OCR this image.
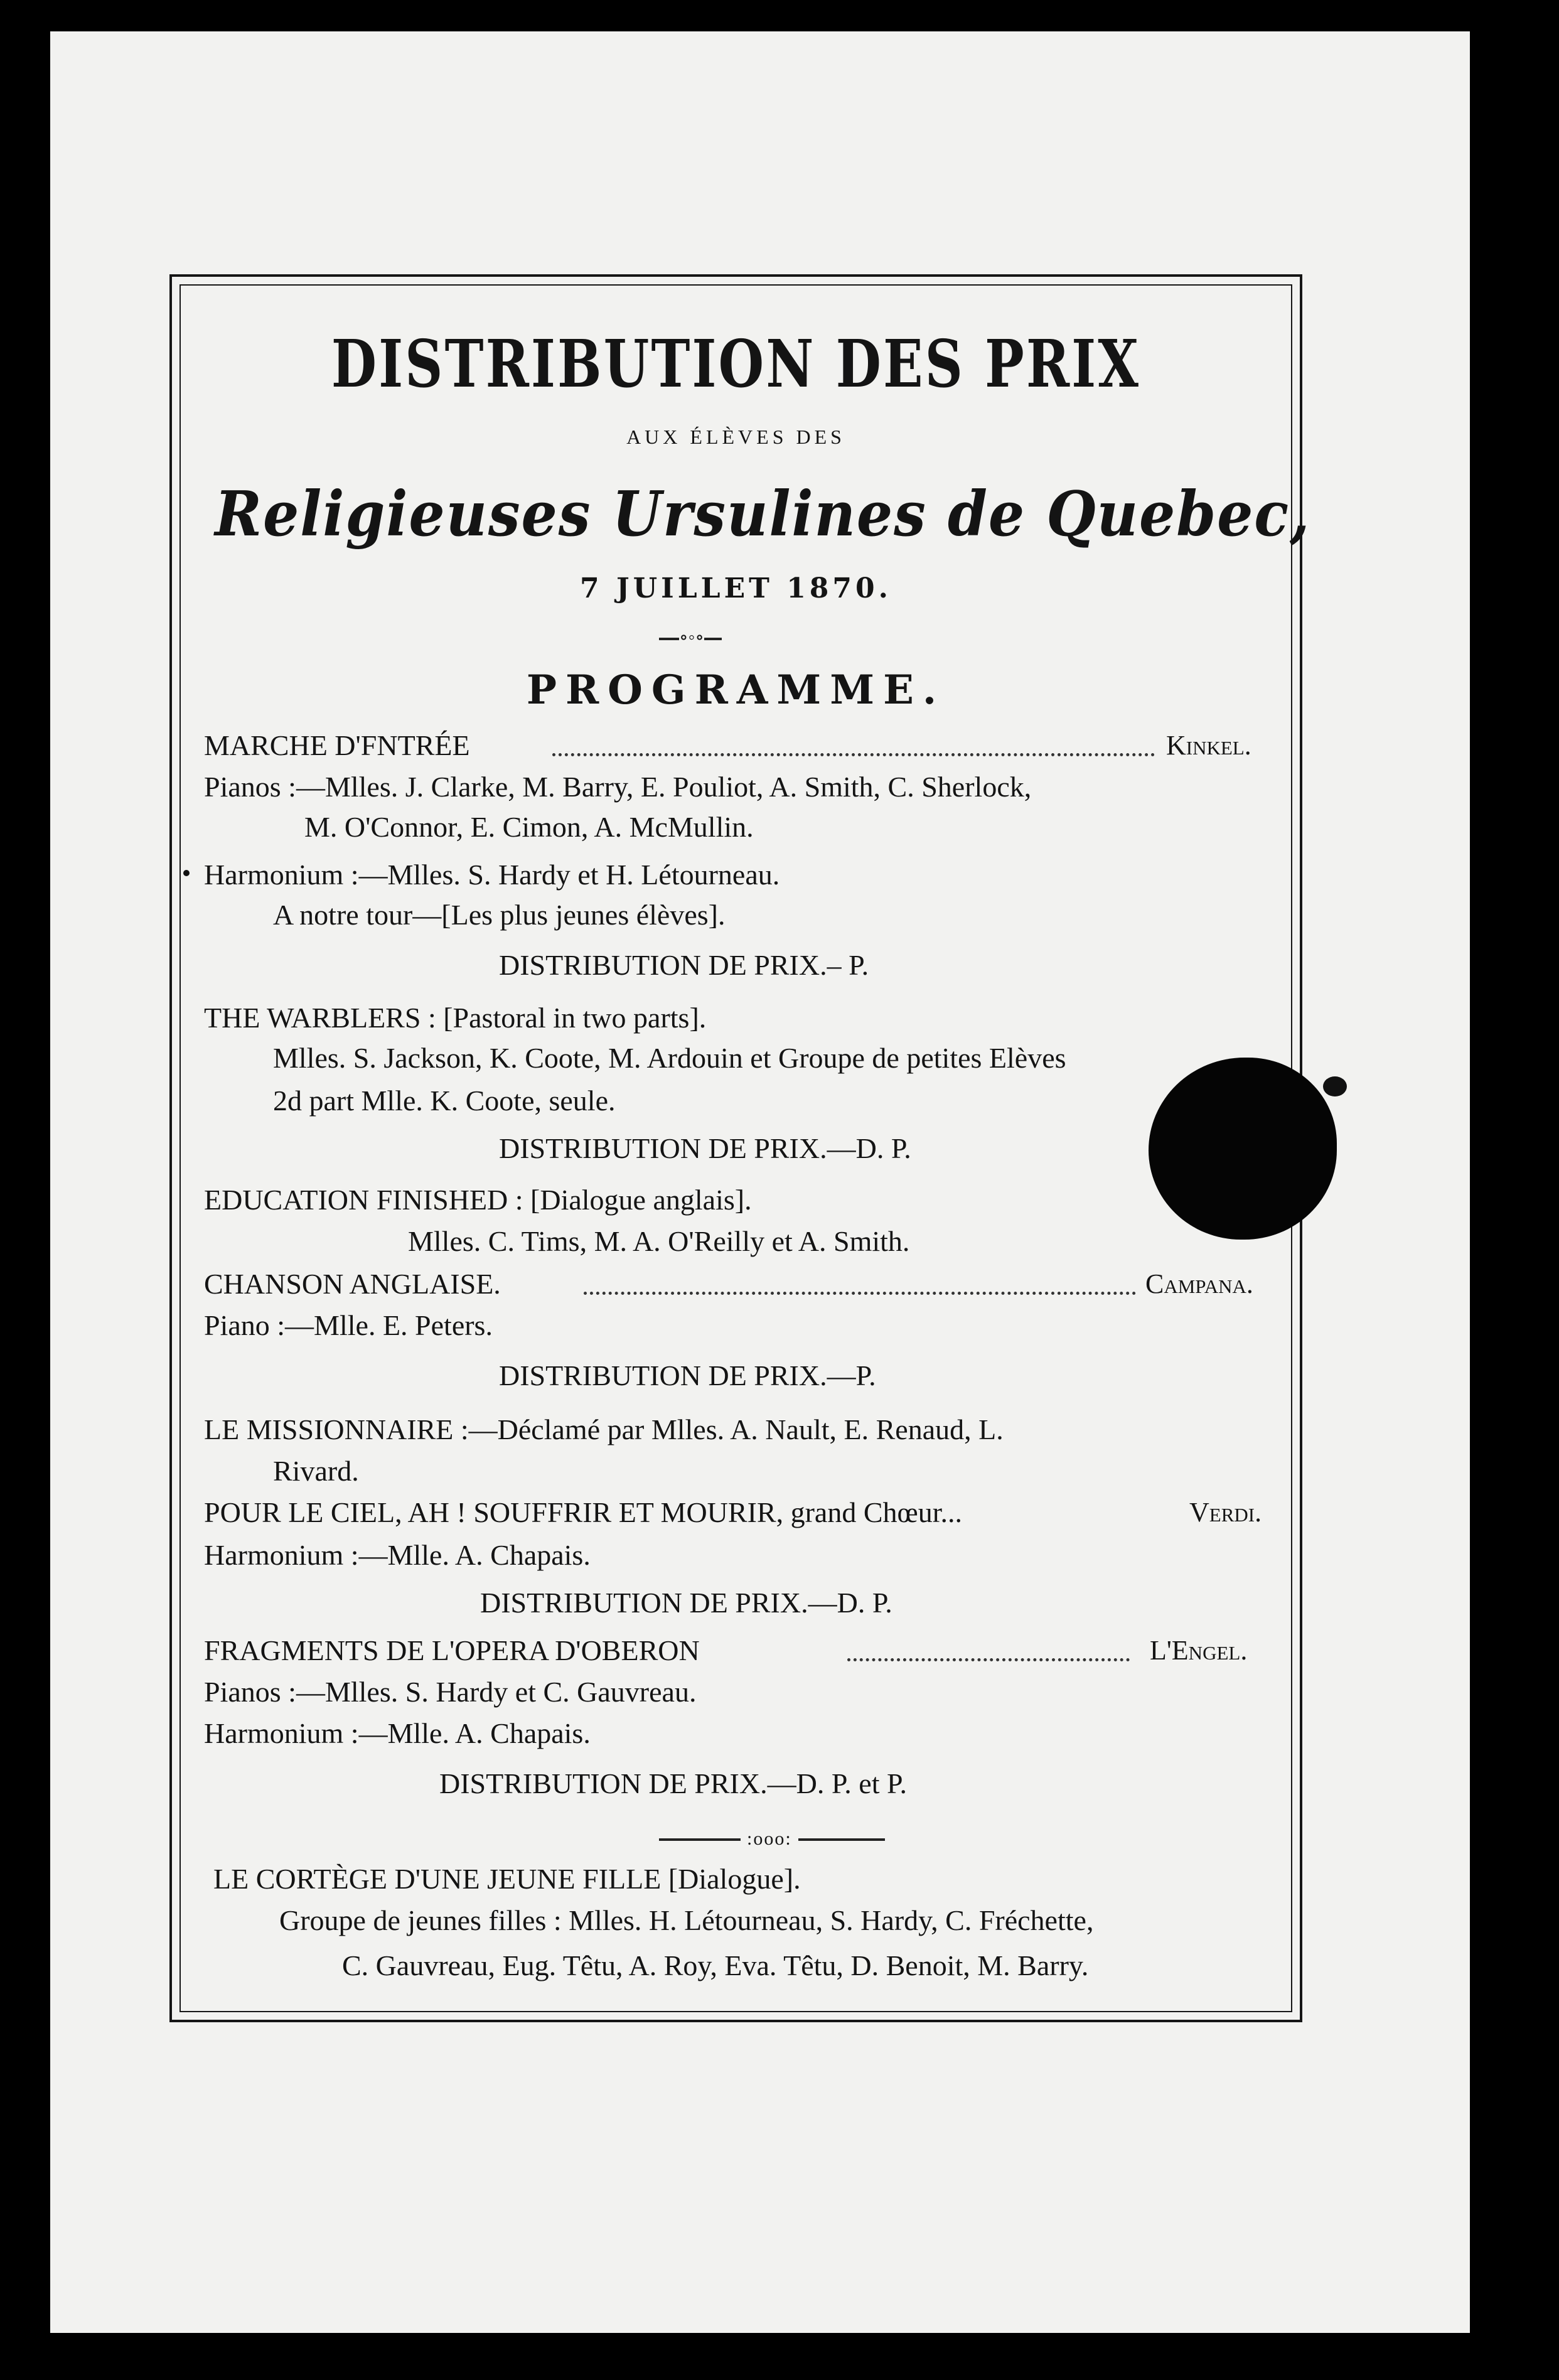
DISTRIBUTION DES PRIX
AUX ÉLÈVES DES
Religieuses Ursulines de Quebec,
7 JUILLET 1870.
∘◦∘
PROGRAMME.
MARCHE D'FNTRÉE	Kinkel.
Pianos :—Mlles. J. Clarke, M. Barry, E. Pouliot, A. Smith, C. Sherlock,
M. O'Connor, E. Cimon, A. McMullin.
Harmonium :—Mlles. S. Hardy et H. Létourneau.
A notre tour—[Les plus jeunes élèves].
DISTRIBUTION DE PRIX.– P.
THE WARBLERS : [Pastoral in two parts].
Mlles. S. Jackson, K. Coote, M. Ardouin et Groupe de petites Elèves
2d part Mlle. K. Coote, seule.
DISTRIBUTION DE PRIX.—D. P.
EDUCATION FINISHED : [Dialogue anglais].
Mlles. C. Tims, M. A. O'Reilly et A. Smith.
CHANSON ANGLAISE.	Campana.
Piano :—Mlle. E. Peters.
DISTRIBUTION DE PRIX.—P.
LE MISSIONNAIRE :—Déclamé par Mlles. A. Nault, E. Renaud, L.
Rivard.
POUR LE CIEL, AH ! SOUFFRIR ET MOURIR, grand Chœur...	Verdi.
Harmonium :—Mlle. A. Chapais.
DISTRIBUTION DE PRIX.—D. P.
FRAGMENTS DE L'OPERA D'OBERON	L'Engel.
Pianos :—Mlles. S. Hardy et C. Gauvreau.
Harmonium :—Mlle. A. Chapais.
DISTRIBUTION DE PRIX.—D. P. et P.
:ooo:
LE CORTÈGE D'UNE JEUNE FILLE [Dialogue].
Groupe de jeunes filles : Mlles. H. Létourneau, S. Hardy, C. Fréchette,
C. Gauvreau, Eug. Têtu, A. Roy, Eva. Têtu, D. Benoit, M. Barry.
